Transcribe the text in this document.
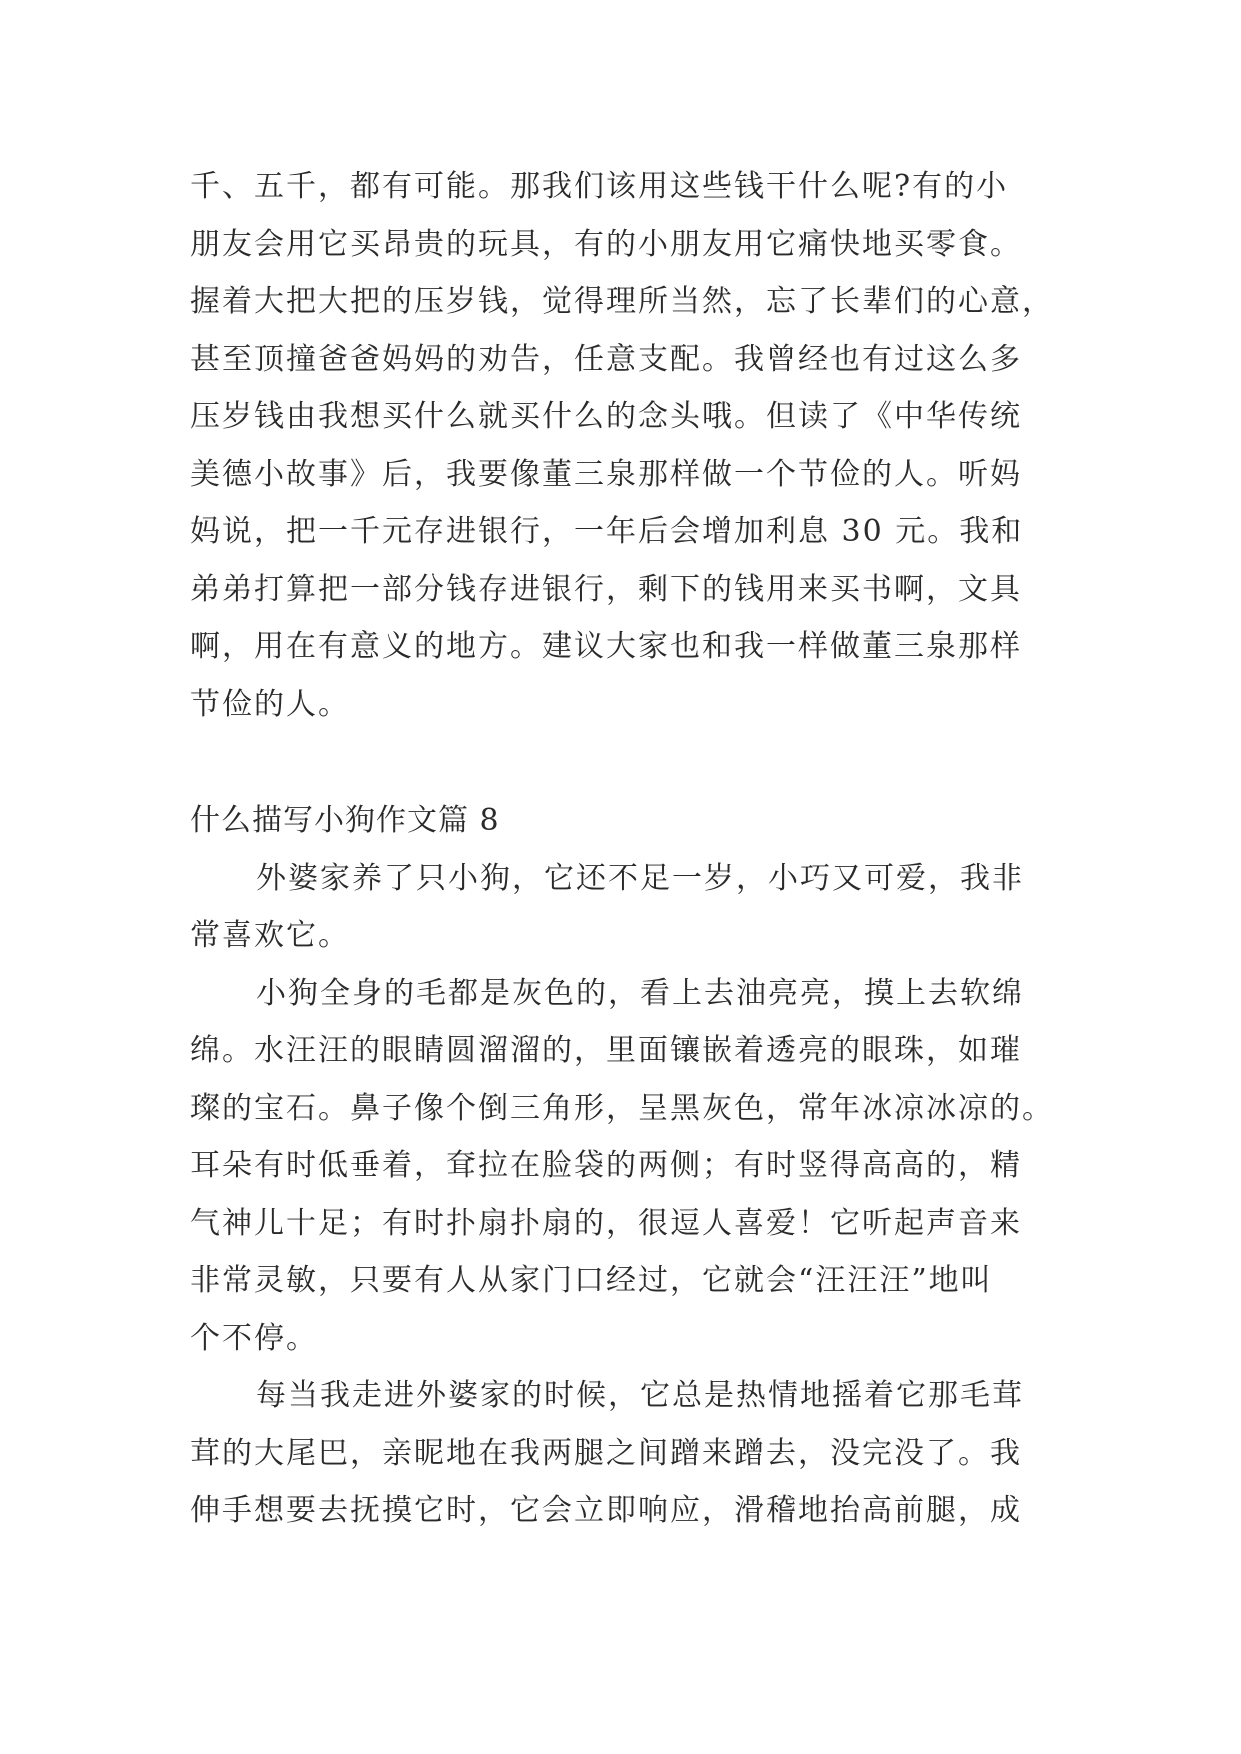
千、五千，都有可能。那我们该用这些钱干什么呢?有的小
朋友会用它买昂贵的玩具，有的小朋友用它痛快地买零食。
握着大把大把的压岁钱，觉得理所当然，忘了长辈们的心意，
甚至顶撞爸爸妈妈的劝告，任意支配。我曾经也有过这么多
压岁钱由我想买什么就买什么的念头哦。但读了《中华传统
美德小故事》后，我要像董三泉那样做一个节俭的人。听妈
妈说，把一千元存进银行，一年后会增加利息 30 元。我和
弟弟打算把一部分钱存进银行，剩下的钱用来买书啊，文具
啊，用在有意义的地方。建议大家也和我一样做董三泉那样
节俭的人。
什么描写小狗作文篇 8
外婆家养了只小狗，它还不足一岁，小巧又可爱，我非
常喜欢它。
小狗全身的毛都是灰色的，看上去油亮亮，摸上去软绵
绵。水汪汪的眼睛圆溜溜的，里面镶嵌着透亮的眼珠，如璀
璨的宝石。鼻子像个倒三角形，呈黑灰色，常年冰凉冰凉的。
耳朵有时低垂着，耷拉在脸袋的两侧；有时竖得高高的，精
气神儿十足；有时扑扇扑扇的，很逗人喜爱！它听起声音来
非常灵敏，只要有人从家门口经过，它就会“汪汪汪”地叫
个不停。
每当我走进外婆家的时候，它总是热情地摇着它那毛茸
茸的大尾巴，亲昵地在我两腿之间蹭来蹭去，没完没了。我
伸手想要去抚摸它时，它会立即响应，滑稽地抬高前腿，成
